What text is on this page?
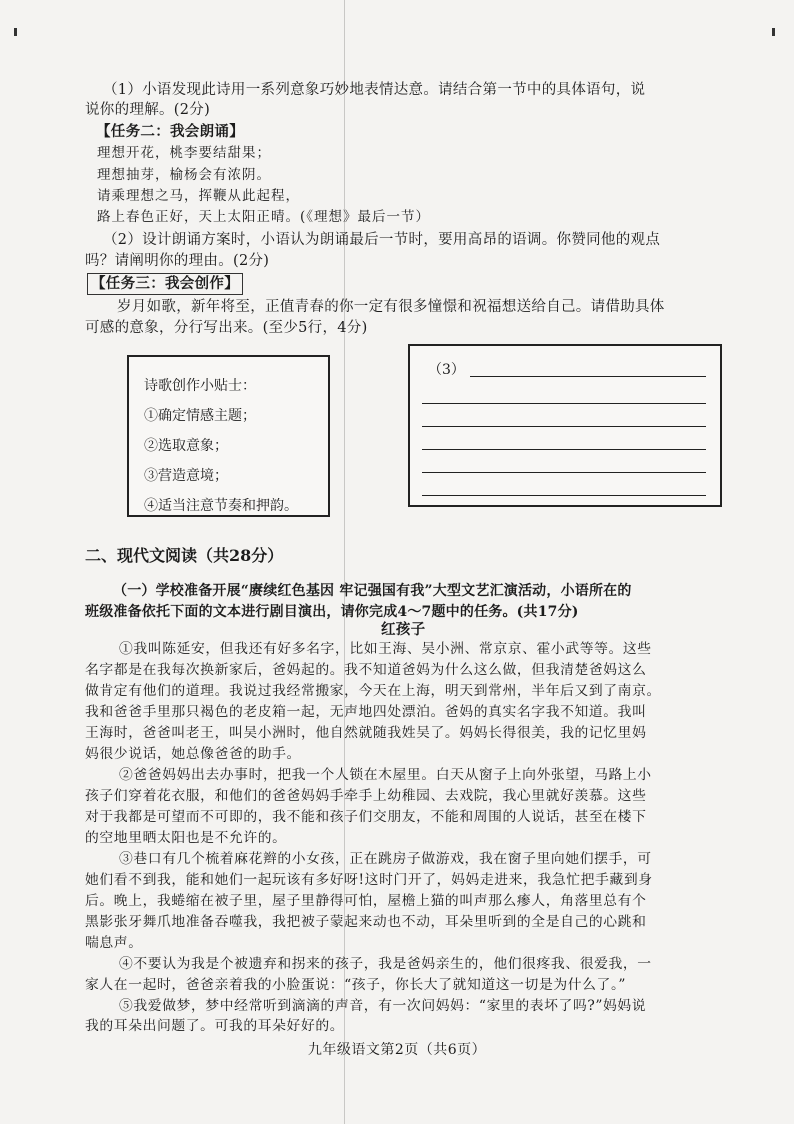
（1）小语发现此诗用一系列意象巧妙地表情达意。请结合第一节中的具体语句，说
说你的理解。(2分)
【任务二：我会朗诵】
理想开花，桃李要结甜果；
理想抽芽，榆杨会有浓阴。
请乘理想之马，挥鞭从此起程，
路上春色正好，天上太阳正晴。(《理想》最后一节）
（2）设计朗诵方案时，小语认为朗诵最后一节时，要用高昂的语调。你赞同他的观点
吗？请阐明你的理由。(2分)
【任务三：我会创作】
岁月如歌，新年将至，正值青春的你一定有很多憧憬和祝福想送给自己。请借助具体
可感的意象，分行写出来。(至少5行，4分)
诗歌创作小贴士：
①确定情感主题；
②选取意象；
③营造意境；
④适当注意节奏和押韵。
（3）
二、现代文阅读（共28分）
（一）学校准备开展“赓续红色基因 牢记强国有我”大型文艺汇演活动，小语所在的
班级准备依托下面的文本进行剧目演出，请你完成4～7题中的任务。(共17分)
红孩子
①我叫陈延安，但我还有好多名字，比如王海、吴小洲、常京京、霍小武等等。这些
名字都是在我每次换新家后，爸妈起的。我不知道爸妈为什么这么做，但我清楚爸妈这么
做肯定有他们的道理。我说过我经常搬家，今天在上海，明天到常州，半年后又到了南京。
我和爸爸手里那只褐色的老皮箱一起，无声地四处漂泊。爸妈的真实名字我不知道。我叫
王海时，爸爸叫老王，叫吴小洲时，他自然就随我姓吴了。妈妈长得很美，我的记忆里妈
妈很少说话，她总像爸爸的助手。
②爸爸妈妈出去办事时，把我一个人锁在木屋里。白天从窗子上向外张望，马路上小
孩子们穿着花衣服，和他们的爸爸妈妈手牵手上幼稚园、去戏院，我心里就好羡慕。这些
对于我都是可望而不可即的，我不能和孩子们交朋友，不能和周围的人说话，甚至在楼下
的空地里晒太阳也是不允许的。
③巷口有几个梳着麻花辫的小女孩，正在跳房子做游戏，我在窗子里向她们摆手，可
她们看不到我，能和她们一起玩该有多好呀!这时门开了，妈妈走进来，我急忙把手藏到身
后。晚上，我蜷缩在被子里，屋子里静得可怕，屋檐上猫的叫声那么瘆人，角落里总有个
黑影张牙舞爪地准备吞噬我，我把被子蒙起来动也不动，耳朵里听到的全是自己的心跳和
喘息声。
④不要认为我是个被遗弃和拐来的孩子，我是爸妈亲生的，他们很疼我、很爱我，一
家人在一起时，爸爸亲着我的小脸蛋说：“孩子，你长大了就知道这一切是为什么了。”
⑤我爱做梦，梦中经常听到滴滴的声音，有一次问妈妈：“家里的表坏了吗?”妈妈说
九年级语文第2页（共6页）
我的耳朵出问题了。可我的耳朵好好的。
